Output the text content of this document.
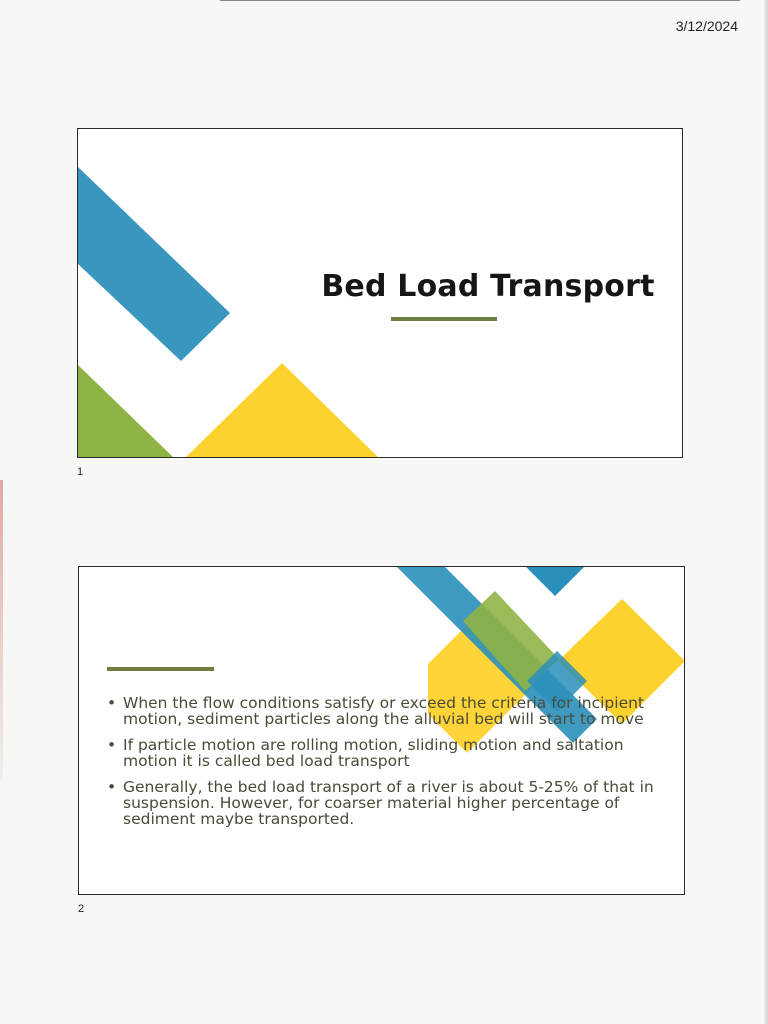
3/12/2024
Bed Load Transport
1
• When the flow conditions satisfy or exceed the criteria for incipient motion, sediment particles along the alluvial bed will start to move
• If particle motion are rolling motion, sliding motion and saltation motion it is called bed load transport
• Generally, the bed load transport of a river is about 5-25% of that in suspension. However, for coarser material higher percentage of sediment maybe transported.
2
